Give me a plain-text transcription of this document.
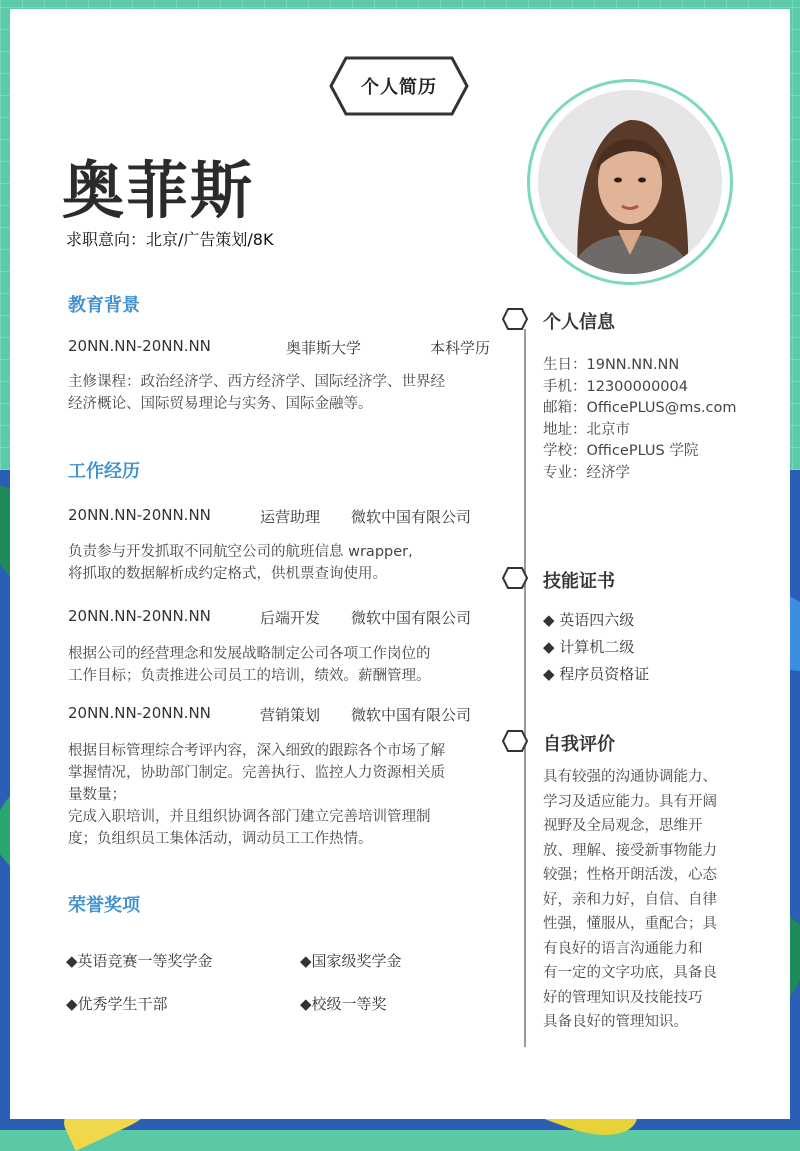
个人简历
奥菲斯
求职意向：北京/广告策划/8K
教育背景
20NN.NN-20NN.NN	奥菲斯大学	本科学历
主修课程：政治经济学、西方经济学、国际经济学、世界经
经济概论、国际贸易理论与实务、国际金融等。
工作经历
20NN.NN-20NN.NN	运营助理 微软中国有限公司
负责参与开发抓取不同航空公司的航班信息 wrapper,
将抓取的数据解析成约定格式，供机票查询使用。
20NN.NN-20NN.NN	后端开发 微软中国有限公司
根据公司的经营理念和发展战略制定公司各项工作岗位的
工作目标；负责推进公司员工的培训，绩效。薪酬管理。
20NN.NN-20NN.NN	营销策划 微软中国有限公司
根据目标管理综合考评内容，深入细致的跟踪各个市场了解
掌握情况，协助部门制定。完善执行、监控人力资源相关质
量数量；
完成入职培训，并且组织协调各部门建立完善培训管理制
度；负组织员工集体活动，调动员工工作热情。
荣誉奖项
◆英语竞赛一等奖学金	◆国家级奖学金
◆优秀学生干部	◆校级一等奖
个人信息
生日：19NN.NN.NN
手机：12300000004
邮箱：OfficePLUS@ms.com
地址：北京市
学校：OfficePLUS 学院
专业：经济学
技能证书
◆ 英语四六级
◆ 计算机二级
◆ 程序员资格证
自我评价
具有较强的沟通协调能力、
学习及适应能力。具有开阔
视野及全局观念，思维开
放、理解、接受新事物能力
较强；性格开朗活泼，心态
好，亲和力好，自信、自律
性强，懂服从，重配合；具
有良好的语言沟通能力和
有一定的文字功底，具备良
好的管理知识及技能技巧
具备良好的管理知识。
